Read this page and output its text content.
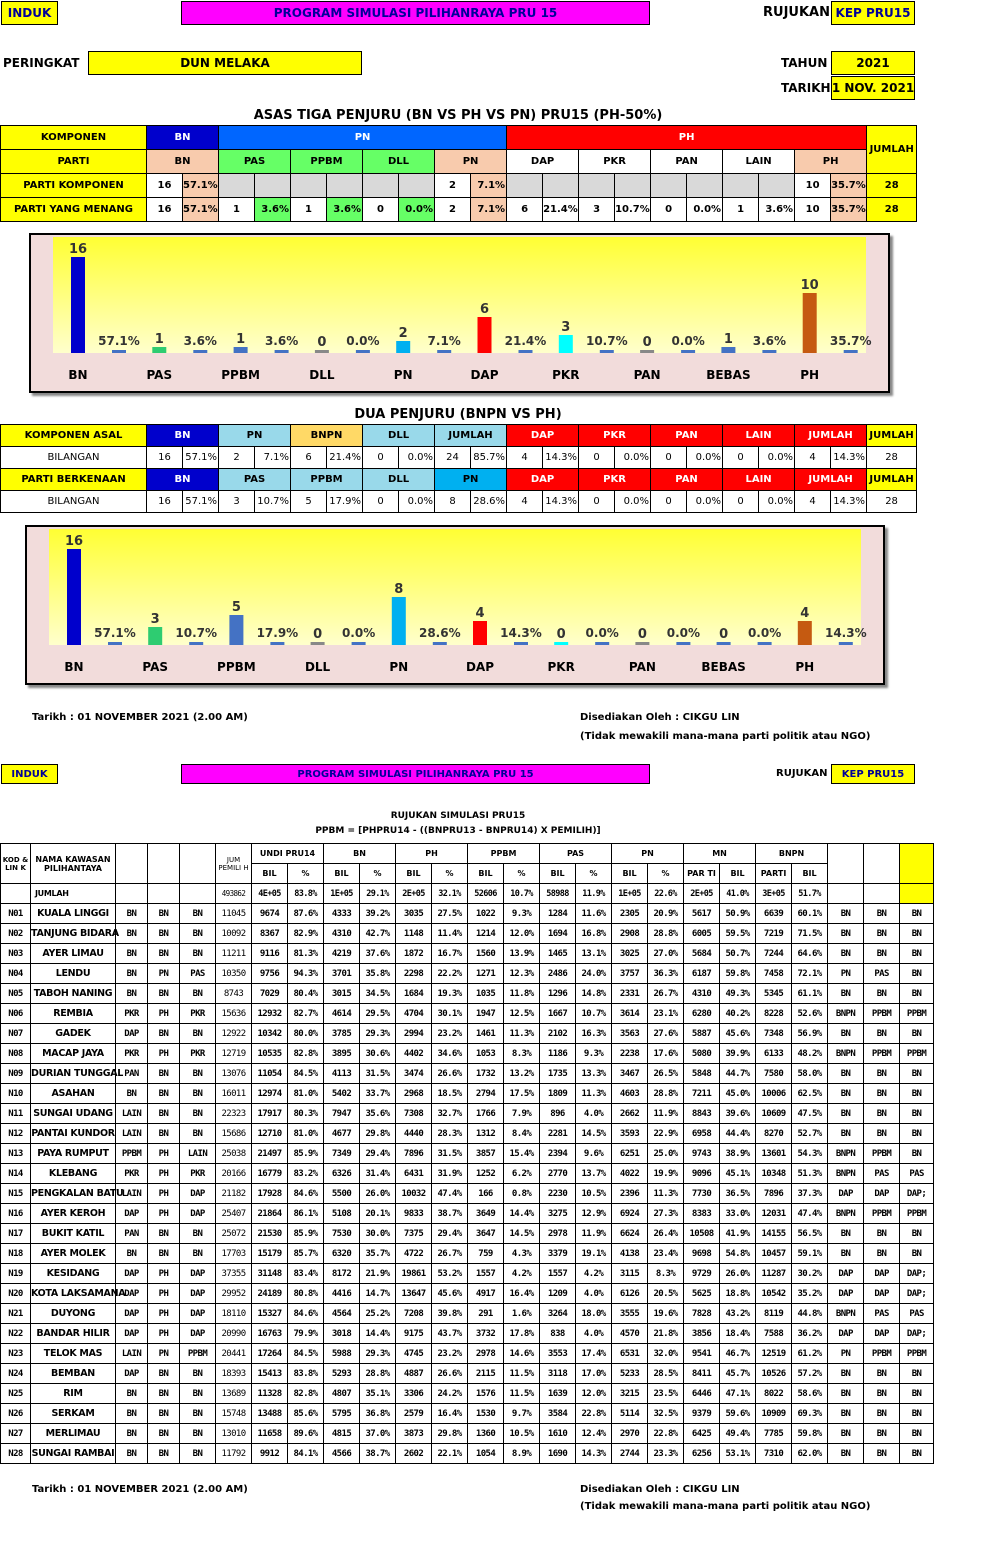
INDUK	PROGRAM SIMULASI PILIHANRAYA PRU 15	RUJUKAN KEP PRU15
PERINGKAT	DUN MELAKA	TAHUN	2021
TARIKH 1 NOV. 2021
ASAS TIGA PENJURU (BN VS PH VS PN) PRU15 (PH-50%)
KOMPONEN	BN		PN								PH										JUMLAH
PARTI	BN		PAS		PPBM		DLL		PN		DAP		PKR		PAN		LAIN		PH		
PARTI KOMPONEN	16	57.1%							2	7.1%									10	35.7%	28
PARTI YANG MENANG	16	57.1%	1	3.6%	1	3.6%	0	0.0%	2	7.1%	6	21.4%	3	10.7%	0	0.0%	1	3.6%	10	35.7%	28
16
57.1%
BN
1 3.6%
PAS
1 3.6%
PPBM
0 0.0%
DLL
2 7.1%
PN
6
21.4%
DAP
3
10.7%
PKR
0 0.0%
PAN
1 3.6%
BEBAS
10
35.7%
PH
DUA PENJURU (BNPN VS PH)
KOMPONEN ASAL	BN		PN		BNPN		DLL		JUMLAH		DAP		PKR		PAN		LAIN		JUMLAH		JUMLAH
BILANGAN	16	57.1%	2	7.1%	6	21.4%	0	0.0%	24	85.7%	4	14.3%	0	0.0%	0	0.0%	0	0.0%	4	14.3%	28
PARTI BERKENAAN	BN		PAS		PPBM		DLL		PN		DAP		PKR		PAN		LAIN		JUMLAH		JUMLAH
BILANGAN	16	57.1%	3	10.7%	5	17.9%	0	0.0%	8	28.6%	4	14.3%	0	0.0%	0	0.0%	0	0.0%	4	14.3%	28
16
57.1%
BN
3
10.7%
PAS
5
17.9%
PPBM
0 0.0%
DLL
8
28.6%
PN
4
14.3%
DAP
0 0.0%
PKR
0 0.0%
PAN
0 0.0%
BEBAS
4
14.3%
PH
Tarikh : 01 NOVEMBER 2021 (2.00 AM)	Disediakan Oleh : CIKGU LIN
(Tidak mewakili mana-mana parti politik atau NGO)
INDUK	PROGRAM SIMULASI PILIHANRAYA PRU 15	RUJUKAN	KEP PRU15
RUJUKAN SIMULASI PRU15
PPBM = [PHPRU14 - ((BNPRU13 - BNPRU14) X PEMILIH)]
KOD & LIN K	NAMA KAWASAN PILIHANTAYA				JUM PEMILI H	UNDI PRU14		BN		PH		PPBM		PAS		PN		MN		BNPN				
						BIL	%	BIL	%	BIL	%	BIL	%	BIL	%	BIL	%	PAR TI	BIL	PARTI	BIL			
	JUMLAH				493862	4E+05	83.8%	1E+05	29.1%	2E+05	32.1%	52606	10.7%	58988	11.9%	1E+05	22.6%	2E+05	41.0%	3E+05	51.7%			
N01	KUALA LINGGI	BN	BN	BN	11045	9674	87.6%	4333	39.2%	3035	27.5%	1022	9.3%	1284	11.6%	2305	20.9%	5617	50.9%	6639	60.1%	BN	BN	BN
N02	TANJUNG BIDARA	BN	BN	BN	10092	8367	82.9%	4310	42.7%	1148	11.4%	1214	12.0%	1694	16.8%	2908	28.8%	6005	59.5%	7219	71.5%	BN	BN	BN
N03	AYER LIMAU	BN	BN	BN	11211	9116	81.3%	4219	37.6%	1872	16.7%	1560	13.9%	1465	13.1%	3025	27.0%	5684	50.7%	7244	64.6%	BN	BN	BN
N04	LENDU	BN	PN	PAS	10350	9756	94.3%	3701	35.8%	2298	22.2%	1271	12.3%	2486	24.0%	3757	36.3%	6187	59.8%	7458	72.1%	PN	PAS	BN
N05	TABOH NANING	BN	BN	BN	8743	7029	80.4%	3015	34.5%	1684	19.3%	1035	11.8%	1296	14.8%	2331	26.7%	4310	49.3%	5345	61.1%	BN	BN	BN
N06	REMBIA	PKR	PH	PKR	15636	12932	82.7%	4614	29.5%	4704	30.1%	1947	12.5%	1667	10.7%	3614	23.1%	6280	40.2%	8228	52.6%	BNPN	PPBM	PPBM
N07	GADEK	DAP	BN	BN	12922	10342	80.0%	3785	29.3%	2994	23.2%	1461	11.3%	2102	16.3%	3563	27.6%	5887	45.6%	7348	56.9%	BN	BN	BN
N08	MACAP JAYA	PKR	PH	PKR	12719	10535	82.8%	3895	30.6%	4402	34.6%	1053	8.3%	1186	9.3%	2238	17.6%	5080	39.9%	6133	48.2%	BNPN	PPBM	PPBM
N09	DURIAN TUNGGAL	PAN	BN	BN	13076	11054	84.5%	4113	31.5%	3474	26.6%	1732	13.2%	1735	13.3%	3467	26.5%	5848	44.7%	7580	58.0%	BN	BN	BN
N10	ASAHAN	BN	BN	BN	16011	12974	81.0%	5402	33.7%	2968	18.5%	2794	17.5%	1809	11.3%	4603	28.8%	7211	45.0%	10006	62.5%	BN	BN	BN
N11	SUNGAI UDANG	LAIN	BN	BN	22323	17917	80.3%	7947	35.6%	7308	32.7%	1766	7.9%	896	4.0%	2662	11.9%	8843	39.6%	10609	47.5%	BN	BN	BN
N12	PANTAI KUNDOR	LAIN	BN	BN	15686	12710	81.0%	4677	29.8%	4440	28.3%	1312	8.4%	2281	14.5%	3593	22.9%	6958	44.4%	8270	52.7%	BN	BN	BN
N13	PAYA RUMPUT	PPBM	PH	LAIN	25038	21497	85.9%	7349	29.4%	7896	31.5%	3857	15.4%	2394	9.6%	6251	25.0%	9743	38.9%	13601	54.3%	BNPN	PPBM	BN
N14	KLEBANG	PKR	PH	PKR	20166	16779	83.2%	6326	31.4%	6431	31.9%	1252	6.2%	2770	13.7%	4022	19.9%	9096	45.1%	10348	51.3%	BNPN	PAS	PAS
N15	PENGKALAN BATU	LAIN	PH	DAP	21182	17928	84.6%	5500	26.0%	10032	47.4%	166	0.8%	2230	10.5%	2396	11.3%	7730	36.5%	7896	37.3%	DAP	DAP	DAP;
N16	AYER KEROH	DAP	PH	DAP	25407	21864	86.1%	5108	20.1%	9833	38.7%	3649	14.4%	3275	12.9%	6924	27.3%	8383	33.0%	12031	47.4%	BNPN	PPBM	PPBM
N17	BUKIT KATIL	PAN	BN	BN	25072	21530	85.9%	7530	30.0%	7375	29.4%	3647	14.5%	2978	11.9%	6624	26.4%	10508	41.9%	14155	56.5%	BN	BN	BN
N18	AYER MOLEK	BN	BN	BN	17703	15179	85.7%	6320	35.7%	4722	26.7%	759	4.3%	3379	19.1%	4138	23.4%	9698	54.8%	10457	59.1%	BN	BN	BN
N19	KESIDANG	DAP	PH	DAP	37355	31148	83.4%	8172	21.9%	19861	53.2%	1557	4.2%	1557	4.2%	3115	8.3%	9729	26.0%	11287	30.2%	DAP	DAP	DAP;
N20	KOTA LAKSAMANA	DAP	PH	DAP	29952	24189	80.8%	4416	14.7%	13647	45.6%	4917	16.4%	1209	4.0%	6126	20.5%	5625	18.8%	10542	35.2%	DAP	DAP	DAP;
N21	DUYONG	DAP	PH	DAP	18110	15327	84.6%	4564	25.2%	7208	39.8%	291	1.6%	3264	18.0%	3555	19.6%	7828	43.2%	8119	44.8%	BNPN	PAS	PAS
N22	BANDAR HILIR	DAP	PH	DAP	20990	16763	79.9%	3018	14.4%	9175	43.7%	3732	17.8%	838	4.0%	4570	21.8%	3856	18.4%	7588	36.2%	DAP	DAP	DAP;
N23	TELOK MAS	LAIN	PN	PPBM	20441	17264	84.5%	5988	29.3%	4745	23.2%	2978	14.6%	3553	17.4%	6531	32.0%	9541	46.7%	12519	61.2%	PN	PPBM	PPBM
N24	BEMBAN	DAP	BN	BN	18393	15413	83.8%	5293	28.8%	4887	26.6%	2115	11.5%	3118	17.0%	5233	28.5%	8411	45.7%	10526	57.2%	BN	BN	BN
N25	RIM	BN	BN	BN	13689	11328	82.8%	4807	35.1%	3306	24.2%	1576	11.5%	1639	12.0%	3215	23.5%	6446	47.1%	8022	58.6%	BN	BN	BN
N26	SERKAM	BN	BN	BN	15748	13488	85.6%	5795	36.8%	2579	16.4%	1530	9.7%	3584	22.8%	5114	32.5%	9379	59.6%	10909	69.3%	BN	BN	BN
N27	MERLIMAU	BN	BN	BN	13010	11658	89.6%	4815	37.0%	3873	29.8%	1360	10.5%	1610	12.4%	2970	22.8%	6425	49.4%	7785	59.8%	BN	BN	BN
N28	SUNGAI RAMBAI	BN	BN	BN	11792	9912	84.1%	4566	38.7%	2602	22.1%	1054	8.9%	1690	14.3%	2744	23.3%	6256	53.1%	7310	62.0%	BN	BN	BN
Tarikh : 01 NOVEMBER 2021 (2.00 AM)	Disediakan Oleh : CIKGU LIN
(Tidak mewakili mana-mana parti politik atau NGO)
